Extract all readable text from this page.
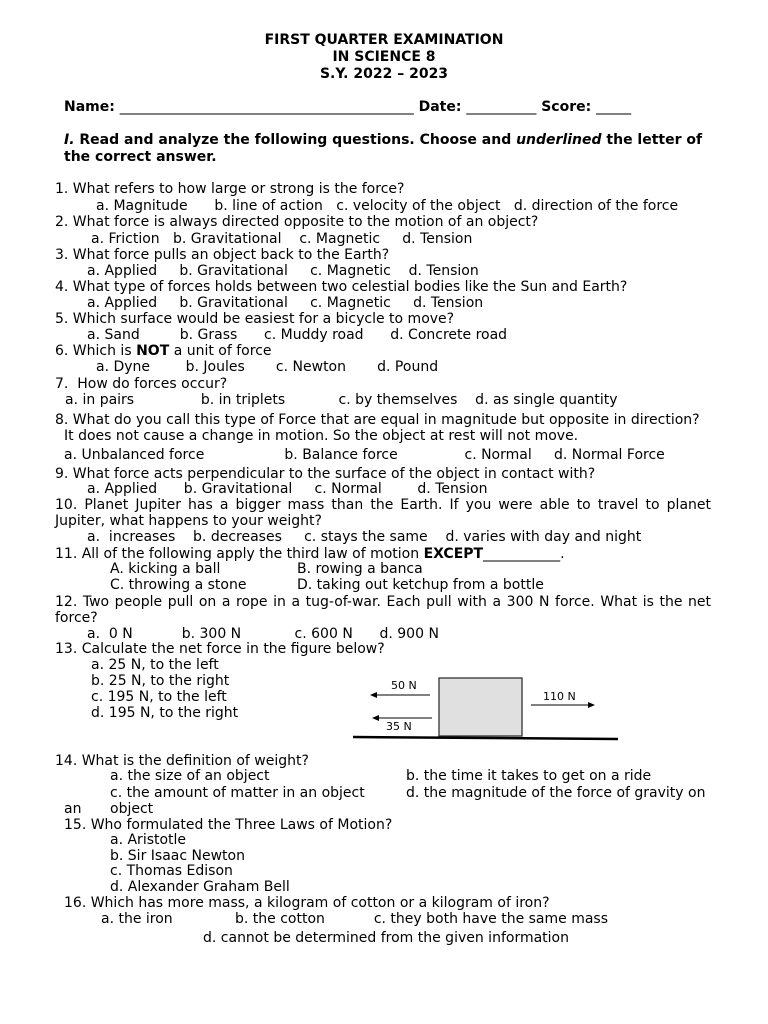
FIRST QUARTER EXAMINATION
IN SCIENCE 8
S.Y. 2022 – 2023
Name: __________________________________________ Date: __________ Score: _____
I. Read and analyze the following questions. Choose and underlined the letter of
the correct answer.
1. What refers to how large or strong is the force?
a. Magnitude      b. line of action   c. velocity of the object   d. direction of the force
2. What force is always directed opposite to the motion of an object?
a. Friction   b. Gravitational    c. Magnetic     d. Tension
3. What force pulls an object back to the Earth?
a. Applied     b. Gravitational     c. Magnetic    d. Tension
4. What type of forces holds between two celestial bodies like the Sun and Earth?
a. Applied     b. Gravitational     c. Magnetic     d. Tension
5. Which surface would be easiest for a bicycle to move?
a. Sand         b. Grass      c. Muddy road      d. Concrete road
6. Which is NOT a unit of force
a. Dyne        b. Joules       c. Newton       d. Pound
7.  How do forces occur?
a. in pairs               b. in triplets            c. by themselves    d. as single quantity
8. What do you call this type of Force that are equal in magnitude but opposite in direction?
It does not cause a change in motion. So the object at rest will not move.
a. Unbalanced force                  b. Balance force               c. Normal     d. Normal Force
9. What force acts perpendicular to the surface of the object in contact with?
a. Applied      b. Gravitational     c. Normal        d. Tension
10. Planet Jupiter has a bigger mass than the Earth. If you were able to travel to planet Jupiter, what happens to your weight?
a.  increases    b. decreases     c. stays the same    d. varies with day and night
11. All of the following apply the third law of motion EXCEPT___________.
A. kicking a ball	B. rowing a banca
C. throwing a stone	D. taking out ketchup from a bottle
12. Two people pull on a rope in a tug-of-war. Each pull with a 300 N force. What is the net force?
a.  0 N           b. 300 N            c. 600 N      d. 900 N
13. Calculate the net force in the figure below?
a. 25 N, to the left
b. 25 N, to the right
c. 195 N, to the left
d. 195 N, to the right
50 N
35 N
110 N
14. What is the definition of weight?
a. the size of an object	b. the time it takes to get on a ride
c. the amount of matter in an object	d. the magnitude of the force of gravity on
an object
15. Who formulated the Three Laws of Motion?
a. Aristotle
b. Sir Isaac Newton
c. Thomas Edison
d. Alexander Graham Bell
16. Which has more mass, a kilogram of cotton or a kilogram of iron?
a. the iron              b. the cotton           c. they both have the same mass
d. cannot be determined from the given information
